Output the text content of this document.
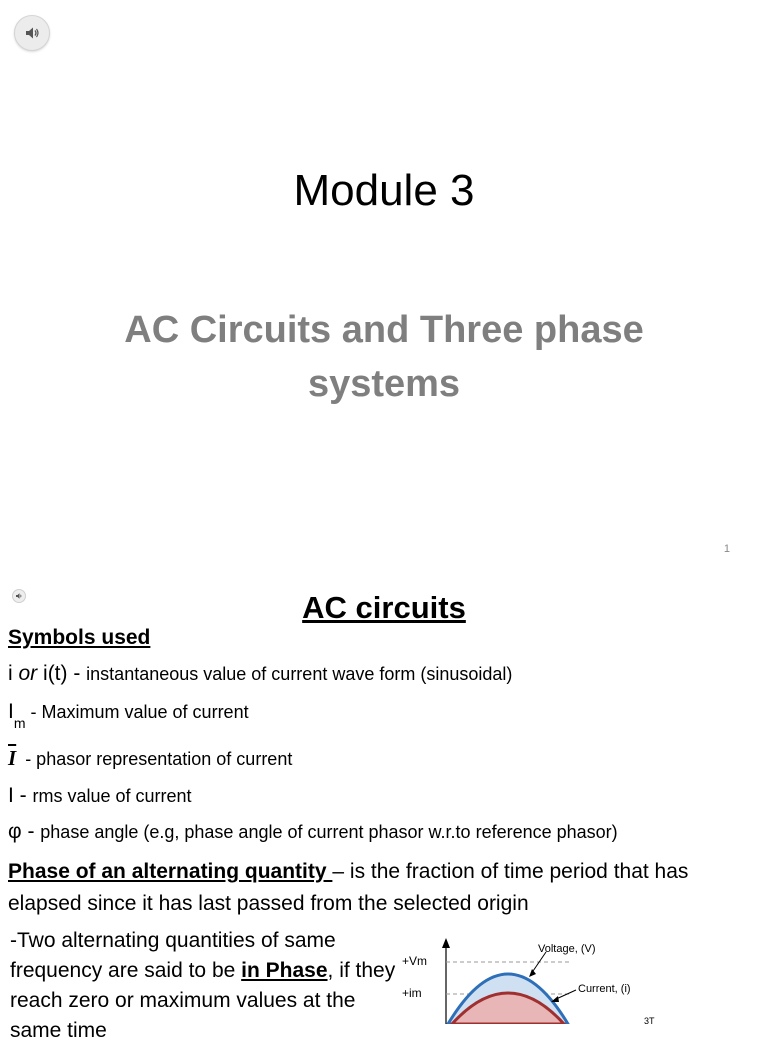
Module 3
AC Circuits and Three phase systems
1
AC circuits
Symbols used
i or i(t) - instantaneous value of current wave form (sinusoidal)
$I_m$ - Maximum value of current
$\overline{I}$ - phasor representation of current
I - rms value of current
φ - phase angle (e.g, phase angle of current phasor w.r.to reference phasor)
Phase of an alternating quantity – is the fraction of time period that has elapsed since it has last passed from the selected origin
-Two alternating quantities of same frequency are said to be in Phase, if they reach zero or maximum values at the same time
+Vm
+im
Voltage, (V)
Current, (i)
3T
